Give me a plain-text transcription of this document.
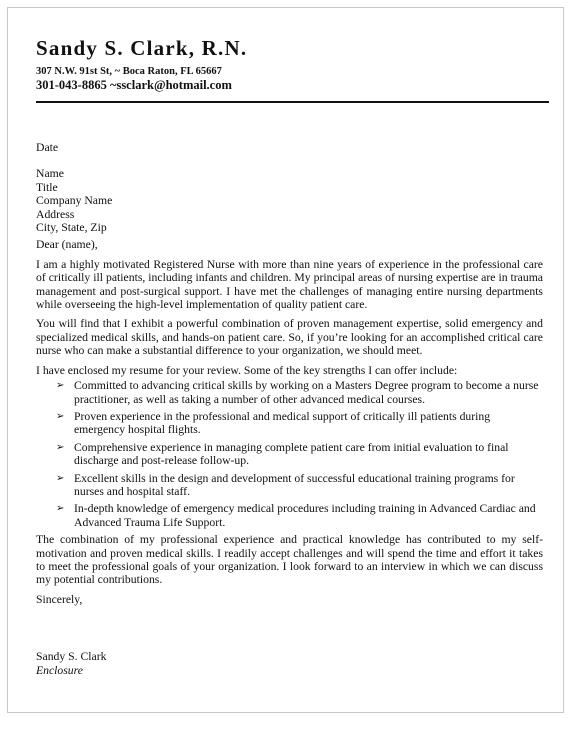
Sandy S. Clark, R.N.
307 N.W. 91st St, ~ Boca Raton, FL 65667
301-043-8865 ~ssclark@hotmail.com

Date

Name

Title

Company Name

Address

City, State, Zip

Dear (name),

I am a highly motivated Registered Nurse with more than nine years of experience in the professional care of critically ill patients, including infants and children. My principal areas of nursing expertise are in trauma management and post-surgical support. I have met the challenges of managing entire nursing departments while overseeing the high-level implementation of quality patient care.

You will find that I exhibit a powerful combination of proven management expertise, solid emergency and specialized medical skills, and hands-on patient care. So, if you’re looking for an accomplished critical care nurse who can make a substantial difference to your organization, we should meet.

I have enclosed my resume for your review. Some of the key strengths I can offer include:

➢ Committed to advancing critical skills by working on a Masters Degree program to become a nurse practitioner, as well as taking a number of other advanced medical courses.
➢ Proven experience in the professional and medical support of critically ill patients during emergency hospital flights.
➢ Comprehensive experience in managing complete patient care from initial evaluation to final discharge and post-release follow-up.
➢ Excellent skills in the design and development of successful educational training programs for nurses and hospital staff.
➢ In-depth knowledge of emergency medical procedures including training in Advanced Cardiac and Advanced Trauma Life Support.

The combination of my professional experience and practical knowledge has contributed to my self-motivation and proven medical skills. I readily accept challenges and will spend the time and effort it takes to meet the professional goals of your organization. I look forward to an interview in which we can discuss my potential contributions.

Sincerely,

Sandy S. Clark

Enclosure
